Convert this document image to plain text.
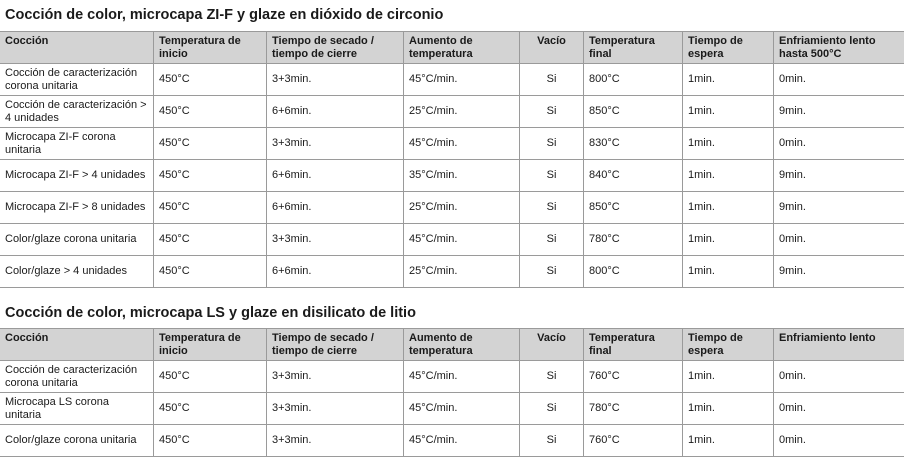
Cocción de color, microcapa ZI-F y glaze en dióxido de circonio
Cocción	Temperatura de inicio	Tiempo de secado / tiempo de cierre	Aumento de temperatura	Vacío	Temperatura final	Tiempo de espera	Enfriamiento lento hasta 500°C
Cocción de caracterización corona unitaria	450°C	3+3min.	45°C/min.	Si	800°C	1min.	0min.
Cocción de caracterización > 4 unidades	450°C	6+6min.	25°C/min.	Si	850°C	1min.	9min.
Microcapa ZI-F corona unitaria	450°C	3+3min.	45°C/min.	Si	830°C	1min.	0min.
Microcapa ZI-F > 4 unidades	450°C	6+6min.	35°C/min.	Si	840°C	1min.	9min.
Microcapa ZI-F > 8 unidades	450°C	6+6min.	25°C/min.	Si	850°C	1min.	9min.
Color/glaze corona unitaria	450°C	3+3min.	45°C/min.	Si	780°C	1min.	0min.
Color/glaze > 4 unidades	450°C	6+6min.	25°C/min.	Si	800°C	1min.	9min.
Cocción de color, microcapa LS y glaze en disilicato de litio
Cocción	Temperatura de inicio	Tiempo de secado / tiempo de cierre	Aumento de temperatura	Vacío	Temperatura final	Tiempo de espera	Enfriamiento lento
Cocción de caracterización corona unitaria	450°C	3+3min.	45°C/min.	Si	760°C	1min.	0min.
Microcapa LS corona unitaria	450°C	3+3min.	45°C/min.	Si	780°C	1min.	0min.
Color/glaze corona unitaria	450°C	3+3min.	45°C/min.	Si	760°C	1min.	0min.
